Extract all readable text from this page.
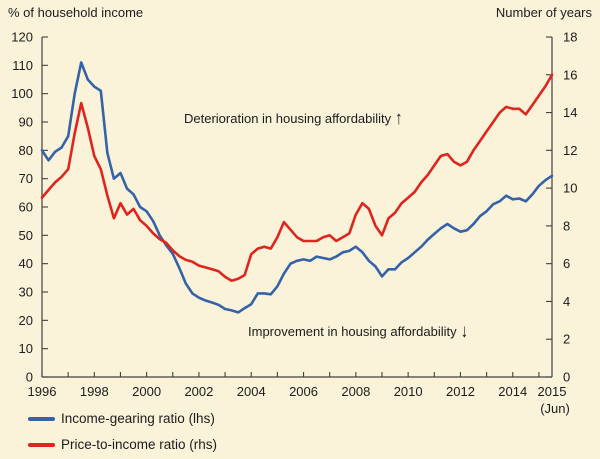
% of household income	Number of years
0
10
20
30
40
50
60
70
80
90
100
110
120
0
2
4
6
8
10
12
14
16
18
1996 1998 2000 2002 2004 2006 2008 2010 2012 2014 2015
(Jun)
Deterioration in housing affordability ↑
Improvement in housing affordability ↓
Income-gearing ratio (lhs)
Price-to-income ratio (rhs)
